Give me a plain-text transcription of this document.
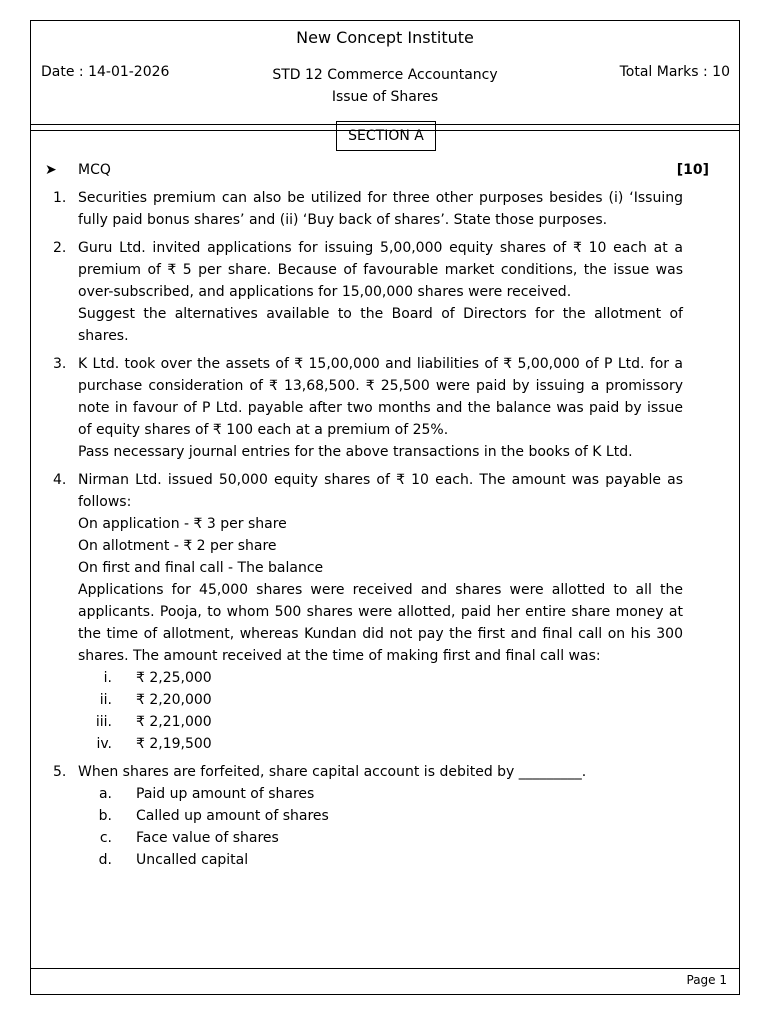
New Concept Institute
Date : 14-01-2026	STD 12 Commerce Accountancy
Issue of Shares
Total Marks : 10
SECTION A
➤ MCQ	[10]
1. Securities premium can also be utilized for three other purposes besides (i) ‘Issuing fully paid bonus shares’ and (ii) ‘Buy back of shares’. State those purposes.

2. Guru Ltd. invited applications for issuing 5,00,000 equity shares of ₹ 10 each at a premium of ₹ 5 per share. Because of favourable market conditions, the issue was over-subscribed, and applications for 15,00,000 shares were received.

Suggest the alternatives available to the Board of Directors for the allotment of shares.

3. K Ltd. took over the assets of ₹ 15,00,000 and liabilities of ₹ 5,00,000 of P Ltd. for a purchase consideration of ₹ 13,68,500. ₹ 25,500 were paid by issuing a promissory note in favour of P Ltd. payable after two months and the balance was paid by issue of equity shares of ₹ 100 each at a premium of 25%.

Pass necessary journal entries for the above transactions in the books of K Ltd.

4. Nirman Ltd. issued 50,000 equity shares of ₹ 10 each. The amount was payable as follows:

On application - ₹ 3 per share

On allotment - ₹ 2 per share

On first and final call - The balance

Applications for 45,000 shares were received and shares were allotted to all the applicants. Pooja, to whom 500 shares were allotted, paid her entire share money at the time of allotment, whereas Kundan did not pay the first and final call on his 300 shares. The amount received at the time of making first and final call was:

i. ₹ 2,25,000
ii. ₹ 2,20,000
iii. ₹ 2,21,000
iv. ₹ 2,19,500
5. When shares are forfeited, share capital account is debited by _________.

a. Paid up amount of shares
b. Called up amount of shares
c. Face value of shares
d. Uncalled capital
Page 1
